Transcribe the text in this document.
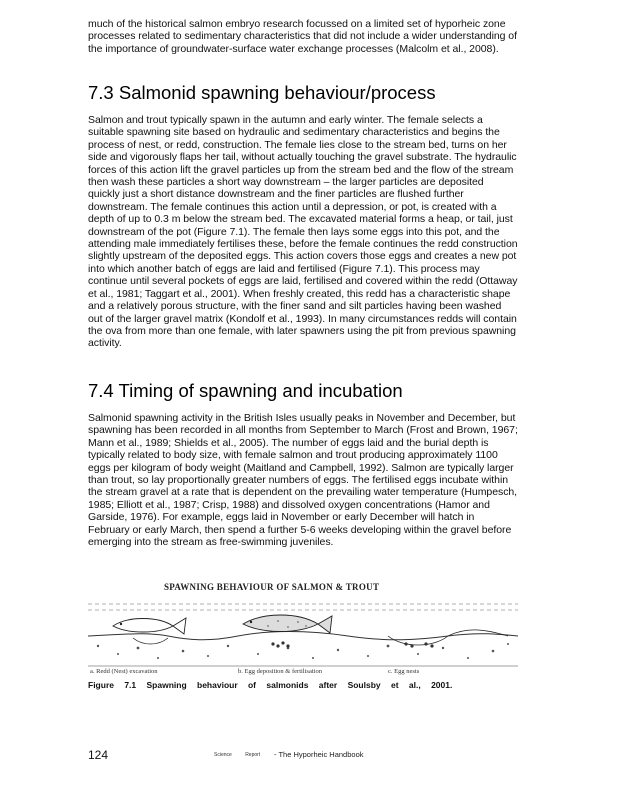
much of the historical salmon embryo research focussed on a limited set of hyporheic zone processes related to sedimentary characteristics that did not include a wider understanding of the importance of groundwater-surface water exchange processes (Malcolm et al., 2008).

7.3 Salmonid spawning behaviour/process

Salmon and trout typically spawn in the autumn and early winter. The female selects a suitable spawning site based on hydraulic and sedimentary characteristics and begins the process of nest, or redd, construction. The female lies close to the stream bed, turns on her side and vigorously flaps her tail, without actually touching the gravel substrate. The hydraulic forces of this action lift the gravel particles up from the stream bed and the flow of the stream then wash these particles a short way downstream – the larger particles are deposited quickly just a short distance downstream and the finer particles are flushed further downstream. The female continues this action until a depression, or pot, is created with a depth of up to 0.3 m below the stream bed. The excavated material forms a heap, or tail, just downstream of the pot (Figure 7.1). The female then lays some eggs into this pot, and the attending male immediately fertilises these, before the female continues the redd construction slightly upstream of the deposited eggs. This action covers those eggs and creates a new pot into which another batch of eggs are laid and fertilised (Figure 7.1). This process may continue until several pockets of eggs are laid, fertilised and covered within the redd (Ottaway et al., 1981; Taggart et al., 2001). When freshly created, this redd has a characteristic shape and a relatively porous structure, with the finer sand and silt particles having been washed out of the larger gravel matrix (Kondolf et al., 1993). In many circumstances redds will contain the ova from more than one female, with later spawners using the pit from previous spawning activity.

7.4 Timing of spawning and incubation

Salmonid spawning activity in the British Isles usually peaks in November and December, but spawning has been recorded in all months from September to March (Frost and Brown, 1967; Mann et al., 1989; Shields et al., 2005). The number of eggs laid and the burial depth is typically related to body size, with female salmon and trout producing approximately 1100 eggs per kilogram of body weight (Maitland and Campbell, 1992). Salmon are typically larger than trout, so lay proportionally greater numbers of eggs. The fertilised eggs incubate within the stream gravel at a rate that is dependent on the prevailing water temperature (Humpesch, 1985; Elliott et al., 1987; Crisp, 1988) and dissolved oxygen concentrations (Hamor and Garside, 1976). For example, eggs laid in November or early December will hatch in February or early March, then spend a further 5-6 weeks developing within the gravel before emerging into the stream as free-swimming juveniles.

SPAWNING BEHAVIOUR OF SALMON & TROUT
a. Redd (Nest) excavation	b. Egg deposition & fertilisation	c. Egg nests
Figure 7.1 Spawning behaviour of salmonids after Soulsby et al., 2001.
124	Science	Report - The Hyporheic Handbook
